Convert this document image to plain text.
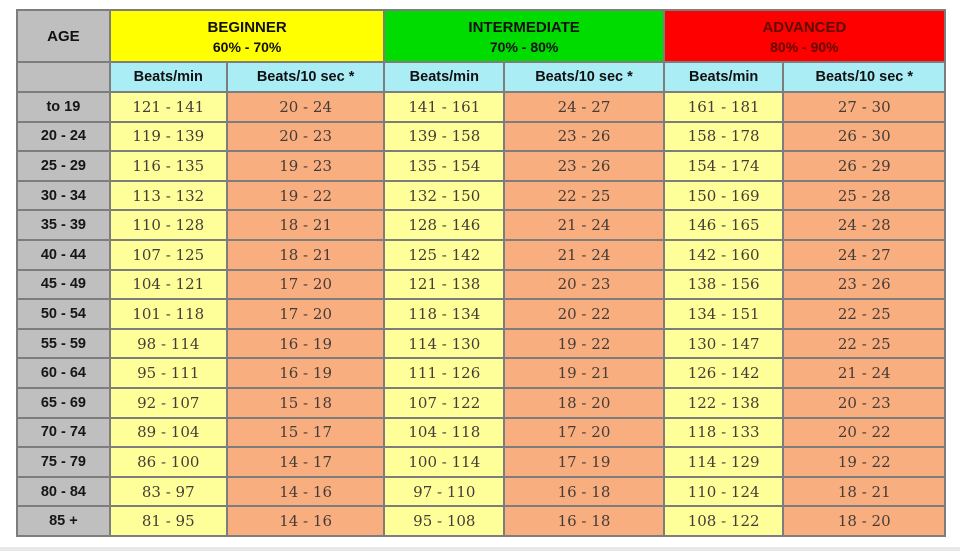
AGE	
BEGINNER
60% - 70%

INTERMEDIATE
70% - 80%

ADVANCED
80% - 90%

	Beats/min	Beats/10 sec *	Beats/min	Beats/10 sec *	Beats/min	Beats/10 sec *
to 19	121 - 141	20 - 24	141 - 161	24 - 27	161 - 181	27 - 30
20 - 24	119 - 139	20 - 23	139 - 158	23 - 26	158 - 178	26 - 30
25 - 29	116 - 135	19 - 23	135 - 154	23 - 26	154 - 174	26 - 29
30 - 34	113 - 132	19 - 22	132 - 150	22 - 25	150 - 169	25 - 28
35 - 39	110 - 128	18 - 21	128 - 146	21 - 24	146 - 165	24 - 28
40 - 44	107 - 125	18 - 21	125 - 142	21 - 24	142 - 160	24 - 27
45 - 49	104 - 121	17 - 20	121 - 138	20 - 23	138 - 156	23 - 26
50 - 54	101 - 118	17 - 20	118 - 134	20 - 22	134 - 151	22 - 25
55 - 59	98 - 114	16 - 19	114 - 130	19 - 22	130 - 147	22 - 25
60 - 64	95 - 111	16 - 19	111 - 126	19 - 21	126 - 142	21 - 24
65 - 69	92 - 107	15 - 18	107 - 122	18 - 20	122 - 138	20 - 23
70 - 74	89 - 104	15 - 17	104 - 118	17 - 20	118 - 133	20 - 22
75 - 79	86 - 100	14 - 17	100 - 114	17 - 19	114 - 129	19 - 22
80 - 84	83 - 97	14 - 16	97 - 110	16 - 18	110 - 124	18 - 21
85 +	81 - 95	14 - 16	95 - 108	16 - 18	108 - 122	18 - 20
